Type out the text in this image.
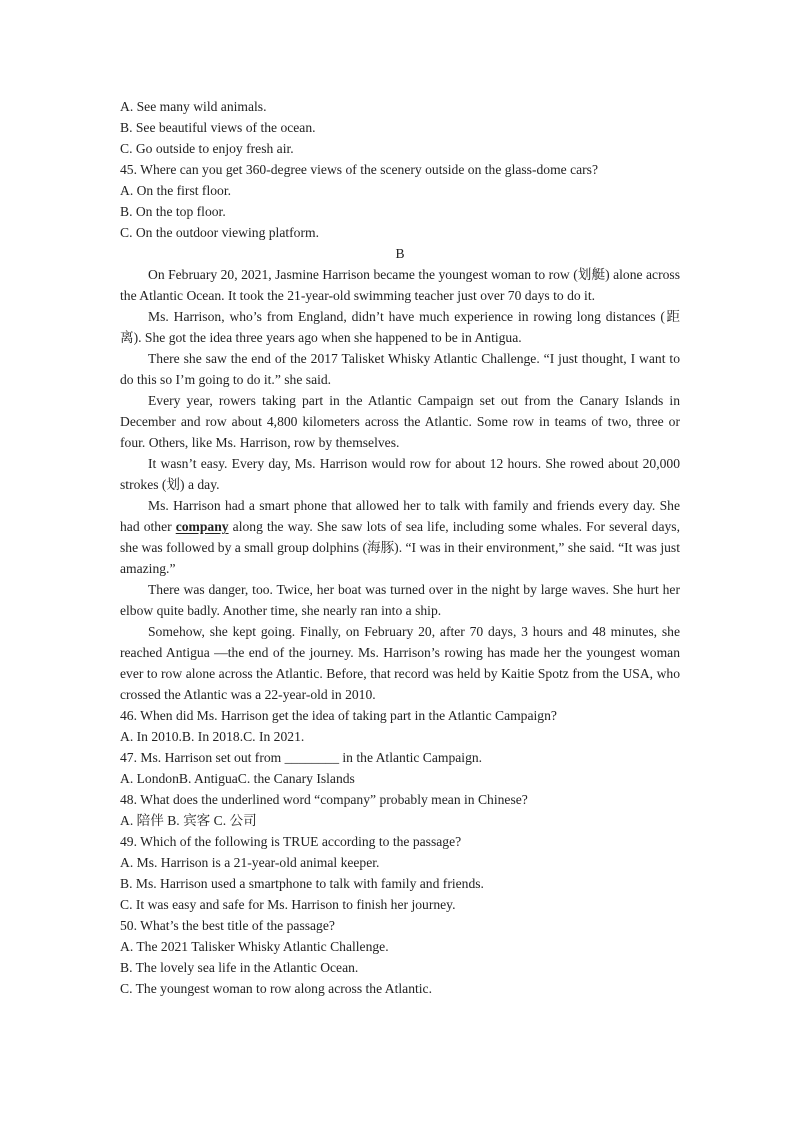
A. See many wild animals.
B. See beautiful views of the ocean.
C. Go outside to enjoy fresh air.
45. Where can you get 360-degree views of the scenery outside on the glass-dome cars?
A. On the first floor.
B. On the top floor.
C. On the outdoor viewing platform.
B

On February 20, 2021, Jasmine Harrison became the youngest woman to row (划艇) alone across the Atlantic Ocean. It took the 21-year-old swimming teacher just over 70 days to do it.

Ms. Harrison, who’s from England, didn’t have much experience in rowing long distances (距离). She got the idea three years ago when she happened to be in Antigua.

There she saw the end of the 2017 Talisket Whisky Atlantic Challenge. “I just thought, I want to do this so I’m going to do it.” she said.

Every year, rowers taking part in the Atlantic Campaign set out from the Canary Islands in December and row about 4,800 kilometers across the Atlantic. Some row in teams of two, three or four. Others, like Ms. Harrison, row by themselves.

It wasn’t easy. Every day, Ms. Harrison would row for about 12 hours. She rowed about 20,000 strokes (划) a day.

Ms. Harrison had a smart phone that allowed her to talk with family and friends every day. She had other company along the way. She saw lots of sea life, including some whales. For several days, she was followed by a small group dolphins (海豚). “I was in their environment,” she said. “It was just amazing.”

There was danger, too. Twice, her boat was turned over in the night by large waves. She hurt her elbow quite badly. Another time, she nearly ran into a ship.

Somehow, she kept going. Finally, on February 20, after 70 days, 3 hours and 48 minutes, she reached Antigua —the end of the journey. Ms. Harrison’s rowing has made her the youngest woman ever to row alone across the Atlantic. Before, that record was held by Kaitie Spotz from the USA, who crossed the Atlantic was a 22-year-old in 2010.

46. When did Ms. Harrison get the idea of taking part in the Atlantic Campaign?
A. In 2010.B. In 2018.C. In 2021.
47. Ms. Harrison set out from ________ in the Atlantic Campaign.
A. LondonB. AntiguaC. the Canary Islands
48. What does the underlined word “company” probably mean in Chinese?
A. 陪伴 B. 宾客 C. 公司
49. Which of the following is TRUE according to the passage?
A. Ms. Harrison is a 21-year-old animal keeper.
B. Ms. Harrison used a smartphone to talk with family and friends.
C. It was easy and safe for Ms. Harrison to finish her journey.
50. What’s the best title of the passage?
A. The 2021 Talisker Whisky Atlantic Challenge.
B. The lovely sea life in the Atlantic Ocean.
C. The youngest woman to row along across the Atlantic.
